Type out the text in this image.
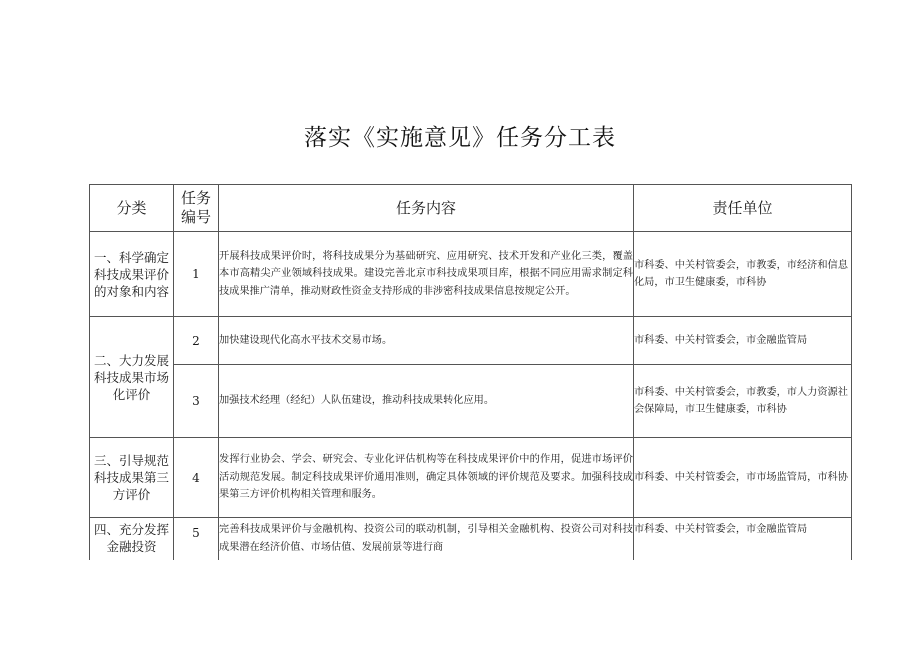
落实《实施意见》任务分工表
分类	任务编号	任务内容	责任单位
一、科学确定科技成果评价的对象和内容	1	开展科技成果评价时，将科技成果分为基础研究、应用研究、技术开发和产业化三类，覆盖本市高精尖产业领域科技成果。建设完善北京市科技成果项目库，根据不同应用需求制定科技成果推广清单，推动财政性资金支持形成的非涉密科技成果信息按规定公开。	市科委、中关村管委会，市教委，市经济和信息化局，市卫生健康委，市科协
二、大力发展科技成果市场化评价	2	加快建设现代化高水平技术交易市场。	市科委、中关村管委会，市金融监管局
	3	加强技术经理（经纪）人队伍建设，推动科技成果转化应用。	市科委、中关村管委会，市教委，市人力资源社会保障局，市卫生健康委，市科协
三、引导规范科技成果第三方评价	4	发挥行业协会、学会、研究会、专业化评估机构等在科技成果评价中的作用，促进市场评价活动规范发展。制定科技成果评价通用准则，确定具体领域的评价规范及要求。加强科技成果第三方评价机构相关管理和服务。	市科委、中关村管委会，市市场监管局，市科协
四、充分发挥金融投资	5	完善科技成果评价与金融机构、投资公司的联动机制，引导相关金融机构、投资公司对科技成果潜在经济价值、市场估值、发展前景等进行商	市科委、中关村管委会，市金融监管局
